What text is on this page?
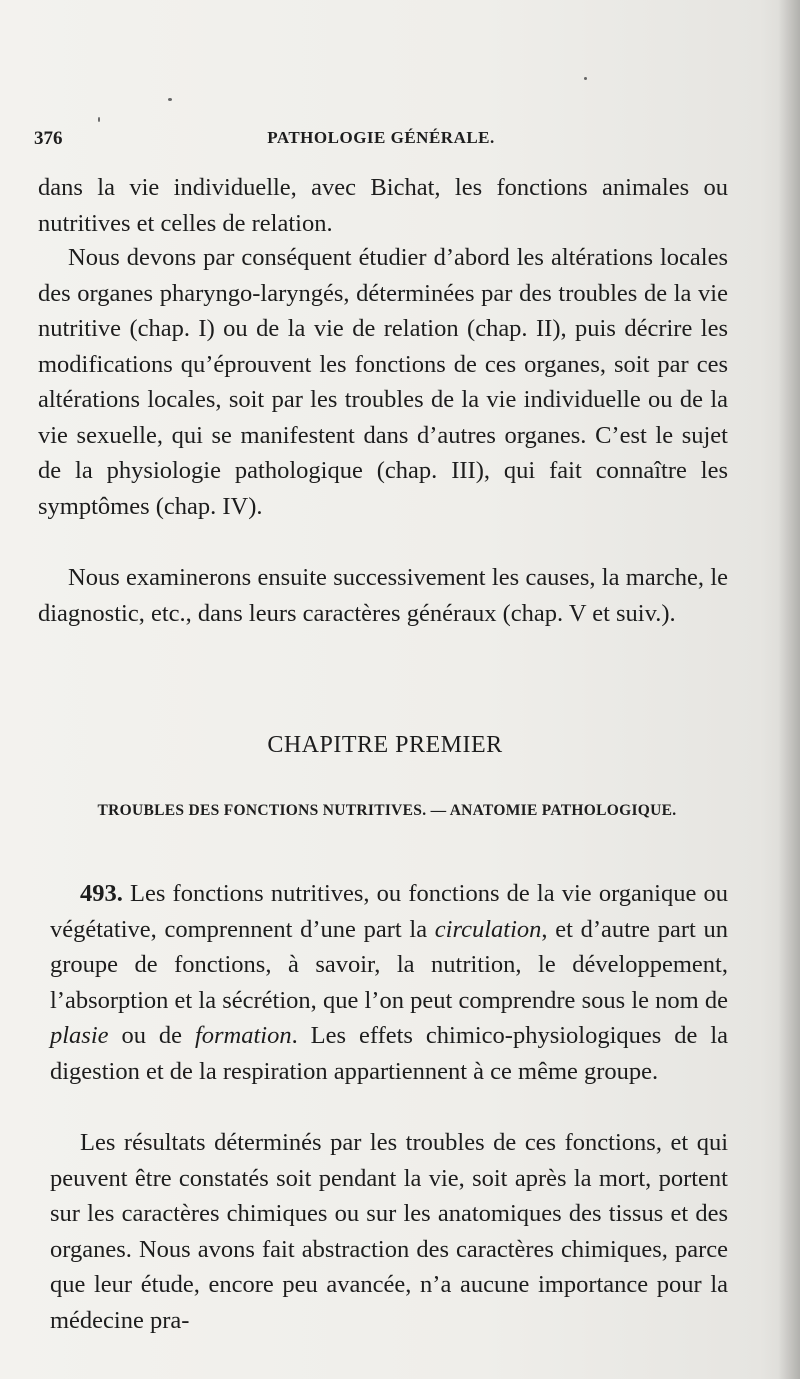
376	PATHOLOGIE GÉNÉRALE.

dans la vie individuelle, avec Bichat, les fonctions animales ou nutritives et celles de relation.

Nous devons par conséquent étudier d’abord les altérations locales des organes pharyngo-laryngés, déterminées par des troubles de la vie nutritive (chap. I) ou de la vie de relation (chap. II), puis décrire les modifications qu’éprouvent les fonctions de ces organes, soit par ces altérations locales, soit par les troubles de la vie individuelle ou de la vie sexuelle, qui se manifestent dans d’autres organes. C’est le sujet de la physiologie pathologique (chap. III), qui fait connaître les symptômes (chap. IV).

Nous examinerons ensuite successivement les causes, la marche, le diagnostic, etc., dans leurs caractères généraux (chap. V et suiv.).

CHAPITRE PREMIER
TROUBLES DES FONCTIONS NUTRITIVES. — ANATOMIE PATHOLOGIQUE.

493. Les fonctions nutritives, ou fonctions de la vie organique ou végétative, comprennent d’une part la circulation, et d’autre part un groupe de fonctions, à savoir, la nutrition, le développement, l’absorption et la sécrétion, que l’on peut comprendre sous le nom de plasie ou de formation. Les effets chimico-physiologiques de la digestion et de la respiration appartiennent à ce même groupe.

Les résultats déterminés par les troubles de ces fonctions, et qui peuvent être constatés soit pendant la vie, soit après la mort, portent sur les caractères chimiques ou sur les anatomiques des tissus et des organes. Nous avons fait abstraction des caractères chimiques, parce que leur étude, encore peu avancée, n’a aucune importance pour la médecine pra-
